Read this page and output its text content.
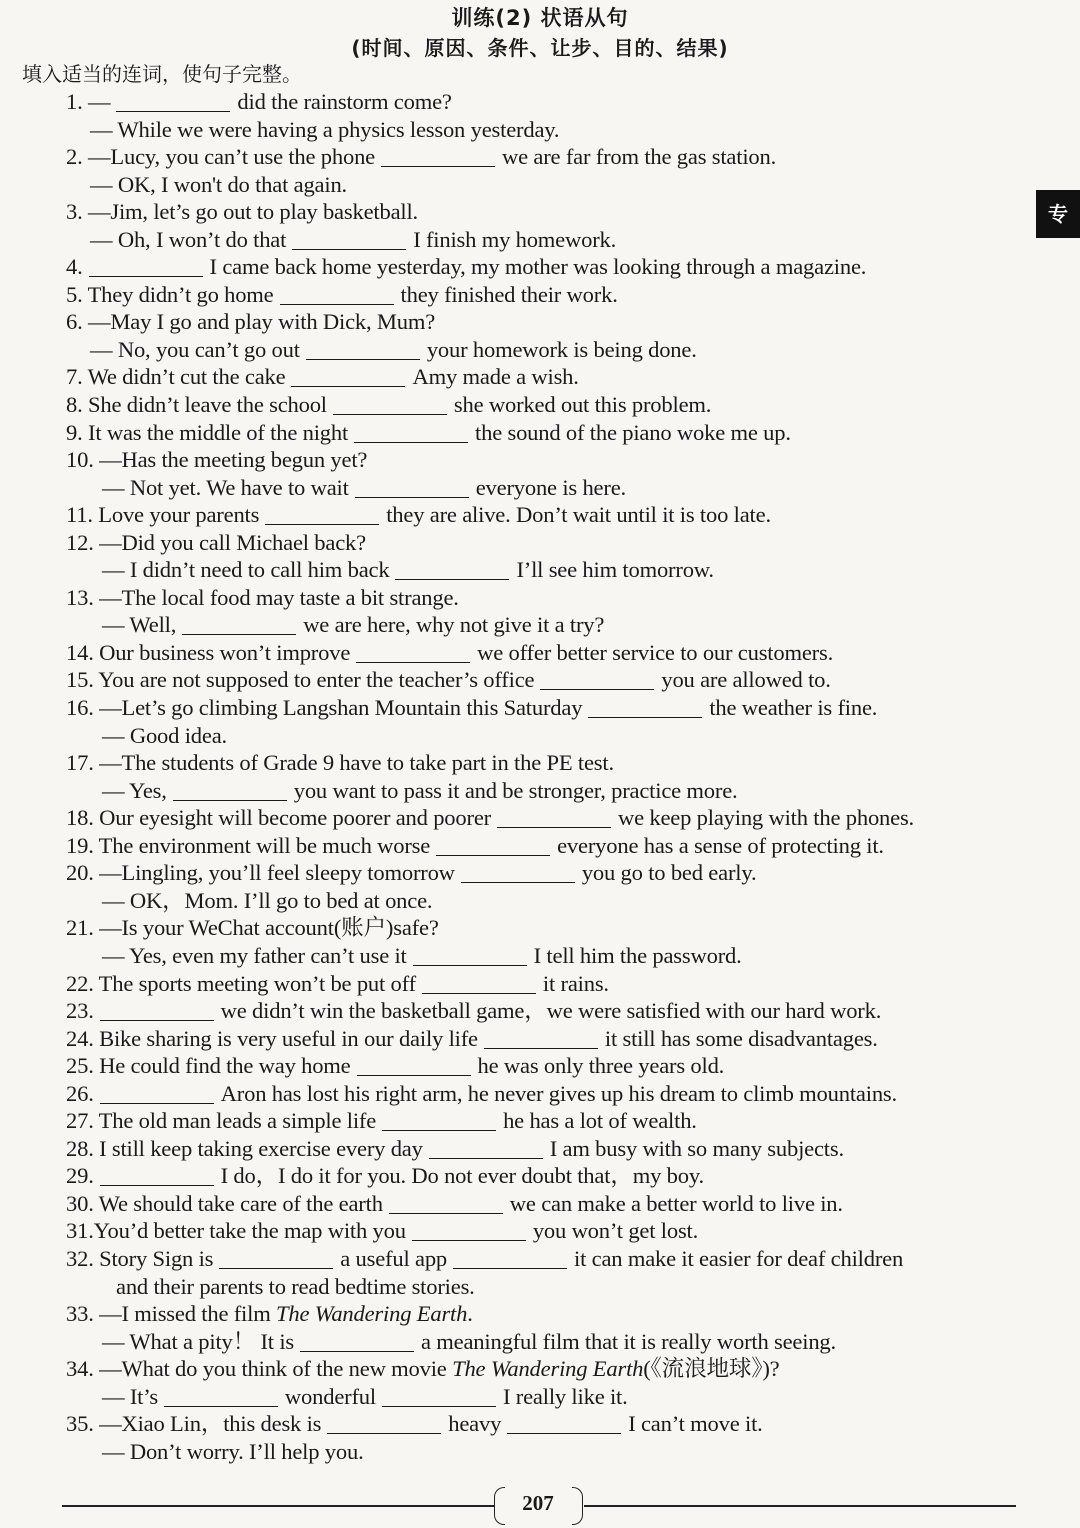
训练(2) 状语从句
(时间、原因、条件、让步、目的、结果)
填入适当的连词，使句子完整。
1. —	did the rainstorm come?
— While we were having a physics lesson yesterday.
2. —Lucy, you can’t use the phone	we are far from the gas station.
— OK, I won't do that again.
3. —Jim, let’s go out to play basketball.
— Oh, I won’t do that	I finish my homework.
4.	I came back home yesterday, my mother was looking through a magazine.
5. They didn’t go home	they finished their work.
6. —May I go and play with Dick, Mum?
— No, you can’t go out	your homework is being done.
7. We didn’t cut the cake	Amy made a wish.
8. She didn’t leave the school	she worked out this problem.
9. It was the middle of the night	the sound of the piano woke me up.
10. —Has the meeting begun yet?
— Not yet. We have to wait	everyone is here.
11. Love your parents	they are alive. Don’t wait until it is too late.
12. —Did you call Michael back?
— I didn’t need to call him back	I’ll see him tomorrow.
13. —The local food may taste a bit strange.
— Well,	we are here, why not give it a try?
14. Our business won’t improve	we offer better service to our customers.
15. You are not supposed to enter the teacher’s office	you are allowed to.
16. —Let’s go climbing Langshan Mountain this Saturday	the weather is fine.
— Good idea.
17. —The students of Grade 9 have to take part in the PE test.
— Yes,	you want to pass it and be stronger, practice more.
18. Our eyesight will become poorer and poorer	we keep playing with the phones.
19. The environment will be much worse	everyone has a sense of protecting it.
20. —Lingling, you’ll feel sleepy tomorrow	you go to bed early.
— OK，Mom. I’ll go to bed at once.
21. —Is your WeChat account(账户)safe?
— Yes, even my father can’t use it	I tell him the password.
22. The sports meeting won’t be put off	it rains.
23.	we didn’t win the basketball game，we were satisfied with our hard work.
24. Bike sharing is very useful in our daily life	it still has some disadvantages.
25. He could find the way home	he was only three years old.
26.	Aron has lost his right arm, he never gives up his dream to climb mountains.
27. The old man leads a simple life	he has a lot of wealth.
28. I still keep taking exercise every day	I am busy with so many subjects.
29.	I do，I do it for you. Do not ever doubt that，my boy.
30. We should take care of the earth	we can make a better world to live in.
31.You’d better take the map with you	you won’t get lost.
32. Story Sign is	a useful app	it can make it easier for deaf children
and their parents to read bedtime stories.
33. —I missed the film The Wandering Earth.
— What a pity！ It is	a meaningful film that it is really worth seeing.
34. —What do you think of the new movie The Wandering Earth(《流浪地球》)?
— It’s	wonderful	I really like it.
35. —Xiao Lin，this desk is	heavy	I can’t move it.
— Don’t worry. I’ll help you.
专
207
